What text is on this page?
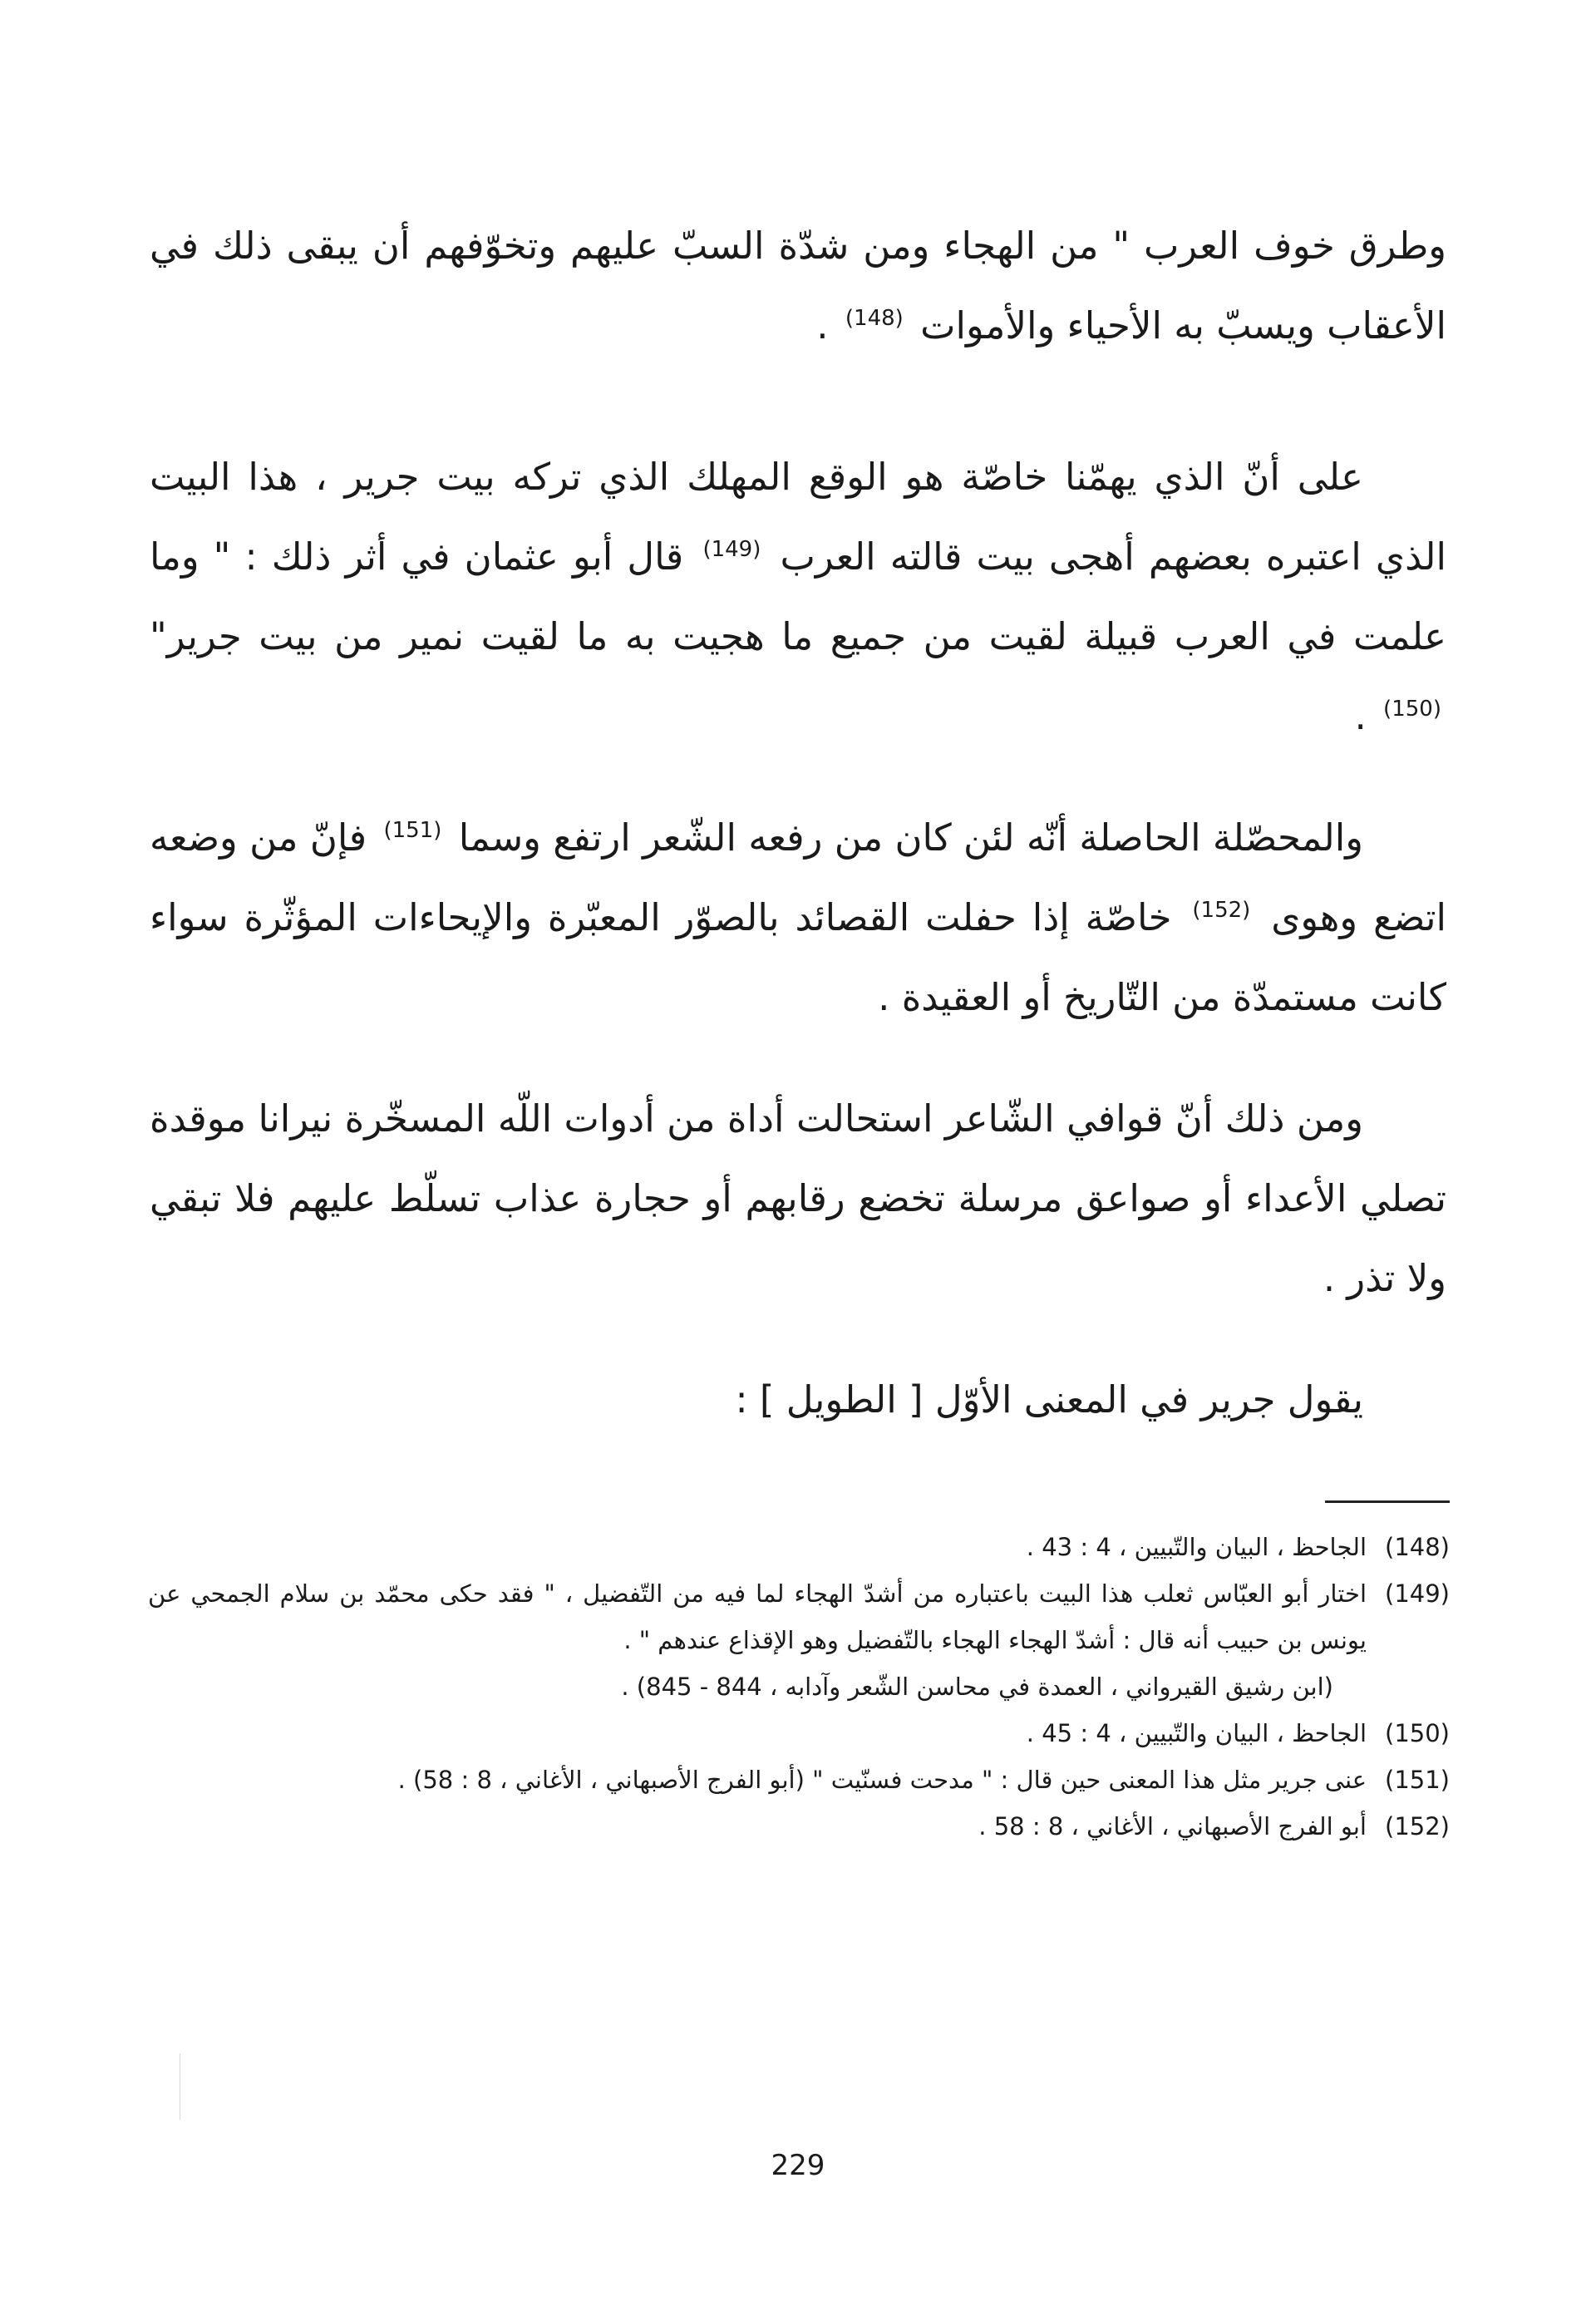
وطرق خوف العرب " من الهجاء ومن شدّة السبّ عليهم وتخوّفهم أن يبقى ذلك في الأعقاب ويسبّ به الأحياء والأموات $^{(148)}$ .

على أنّ الذي يهمّنا خاصّة هو الوقع المهلك الذي تركه بيت جرير ، هذا البيت الذي اعتبره بعضهم أهجى بيت قالته العرب $^{(149)}$ قال أبو عثمان في أثر ذلك : " وما علمت في العرب قبيلة لقيت من جميع ما هجيت به ما لقيت نمير من بيت جرير" $^{(150)}$ .

والمحصّلة الحاصلة أنّه لئن كان من رفعه الشّعر ارتفع وسما $^{(151)}$ فإنّ من وضعه اتضع وهوى $^{(152)}$ خاصّة إذا حفلت القصائد بالصوّر المعبّرة والإيحاءات المؤثّرة سواء كانت مستمدّة من التّاريخ أو العقيدة .

ومن ذلك أنّ قوافي الشّاعر استحالت أداة من أدوات اللّه المسخّرة نيرانا موقدة تصلي الأعداء أو صواعق مرسلة تخضع رقابهم أو حجارة عذاب تسلّط عليهم فلا تبقي ولا تذر .

يقول جرير في المعنى الأوّل [ الطويل ] :

(148)
الجاحظ ، البيان والتّبيين ، 4 : 43 .
(149)
اختار أبو العبّاس ثعلب هذا البيت باعتباره من أشدّ الهجاء لما فيه من التّفضيل ، " فقد حكى محمّد بن سلام الجمحي عن يونس بن حبيب أنه قال : أشدّ الهجاء الهجاء بالتّفضيل وهو الإقذاع عندهم " .
(ابن رشيق القيرواني ، العمدة في محاسن الشّعر وآدابه ، 844 - 845) .
(150)
الجاحظ ، البيان والتّبيين ، 4 : 45 .
(151)
عنى جرير مثل هذا المعنى حين قال : " مدحت فسنّيت " (أبو الفرج الأصبهاني ، الأغاني ، 8 : 58) .
(152)
أبو الفرج الأصبهاني ، الأغاني ، 8 : 58 .
229
